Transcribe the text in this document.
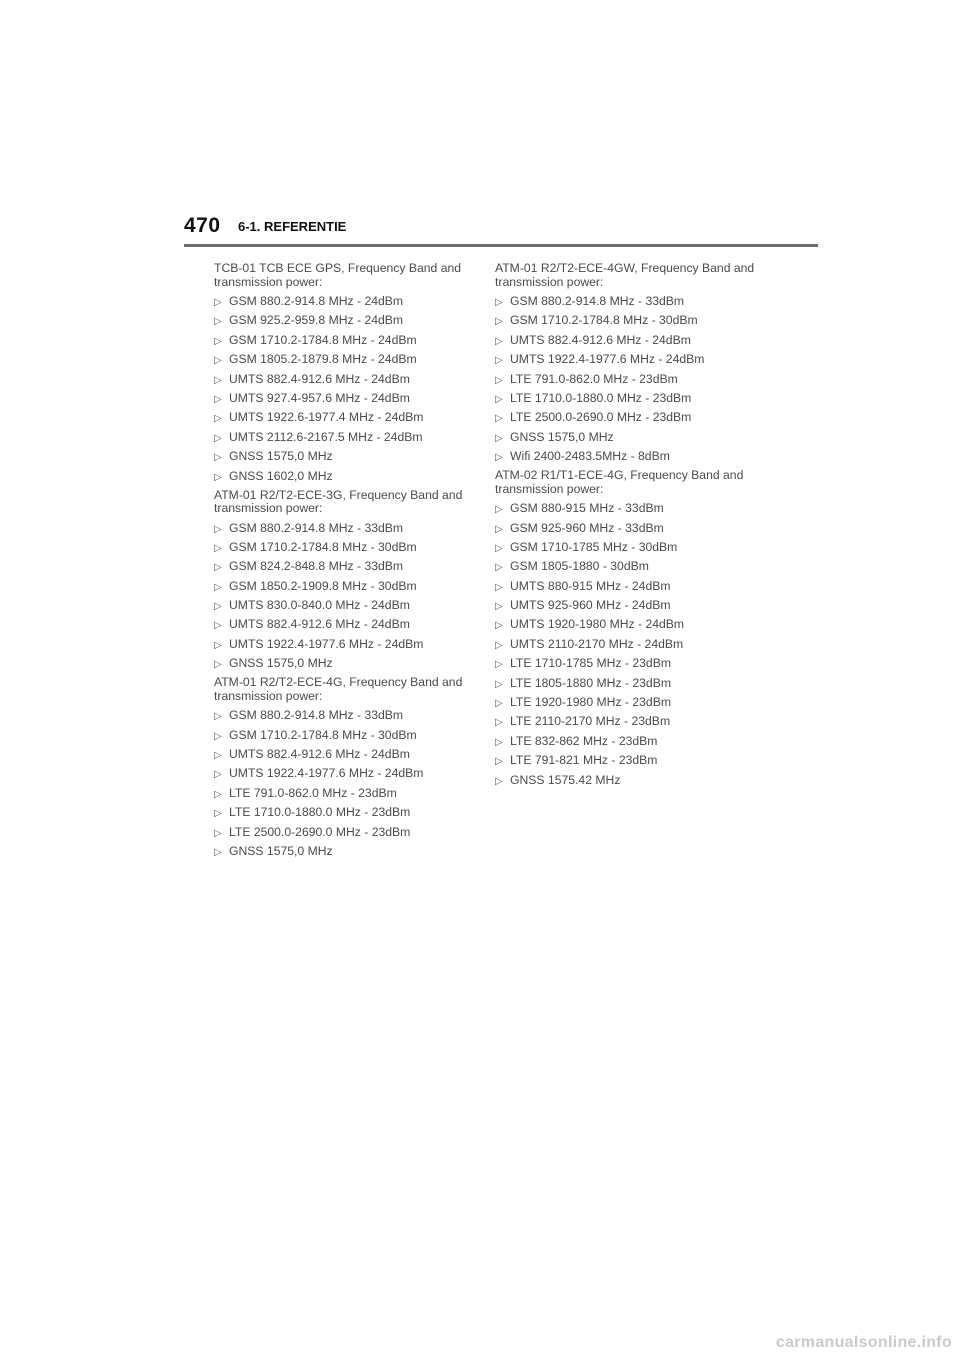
470 6-1. REFERENTIE

TCB-01 TCB ECE GPS, Frequency Band and transmission power:

▷ GSM 880.2-914.8 MHz - 24dBm
▷ GSM 925.2-959.8 MHz - 24dBm
▷ GSM 1710.2-1784.8 MHz - 24dBm
▷ GSM 1805.2-1879.8 MHz - 24dBm
▷ UMTS 882.4-912.6 MHz - 24dBm
▷ UMTS 927.4-957.6 MHz - 24dBm
▷ UMTS 1922.6-1977.4 MHz - 24dBm
▷ UMTS 2112.6-2167.5 MHz - 24dBm
▷ GNSS 1575,0 MHz
▷ GNSS 1602,0 MHz

ATM-01 R2/T2-ECE-3G, Frequency Band and transmission power:

▷ GSM 880.2-914.8 MHz - 33dBm
▷ GSM 1710.2-1784.8 MHz - 30dBm
▷ GSM 824.2-848.8 MHz - 33dBm
▷ GSM 1850.2-1909.8 MHz - 30dBm
▷ UMTS 830.0-840.0 MHz - 24dBm
▷ UMTS 882.4-912.6 MHz - 24dBm
▷ UMTS 1922.4-1977.6 MHz - 24dBm
▷ GNSS 1575,0 MHz

ATM-01 R2/T2-ECE-4G, Frequency Band and transmission power:

▷ GSM 880.2-914.8 MHz - 33dBm
▷ GSM 1710.2-1784.8 MHz - 30dBm
▷ UMTS 882.4-912.6 MHz - 24dBm
▷ UMTS 1922.4-1977.6 MHz - 24dBm
▷ LTE 791.0-862.0 MHz - 23dBm
▷ LTE 1710.0-1880.0 MHz - 23dBm
▷ LTE 2500.0-2690.0 MHz - 23dBm
▷ GNSS 1575,0 MHz

ATM-01 R2/T2-ECE-4GW, Frequency Band and transmission power:

▷ GSM 880.2-914.8 MHz - 33dBm
▷ GSM 1710.2-1784.8 MHz - 30dBm
▷ UMTS 882.4-912.6 MHz - 24dBm
▷ UMTS 1922.4-1977.6 MHz - 24dBm
▷ LTE 791.0-862.0 MHz - 23dBm
▷ LTE 1710.0-1880.0 MHz - 23dBm
▷ LTE 2500.0-2690.0 MHz - 23dBm
▷ GNSS 1575,0 MHz
▷ Wifi 2400-2483.5MHz - 8dBm

ATM-02 R1/T1-ECE-4G, Frequency Band and transmission power:

▷ GSM 880-915 MHz - 33dBm
▷ GSM 925-960 MHz - 33dBm
▷ GSM 1710-1785 MHz - 30dBm
▷ GSM 1805-1880 - 30dBm
▷ UMTS 880-915 MHz - 24dBm
▷ UMTS 925-960 MHz - 24dBm
▷ UMTS 1920-1980 MHz - 24dBm
▷ UMTS 2110-2170 MHz - 24dBm
▷ LTE 1710-1785 MHz - 23dBm
▷ LTE 1805-1880 MHz - 23dBm
▷ LTE 1920-1980 MHz - 23dBm
▷ LTE 2110-2170 MHz - 23dBm
▷ LTE 832-862 MHz - 23dBm
▷ LTE 791-821 MHz - 23dBm
▷ GNSS 1575.42 MHz
carmanualsonline.info
